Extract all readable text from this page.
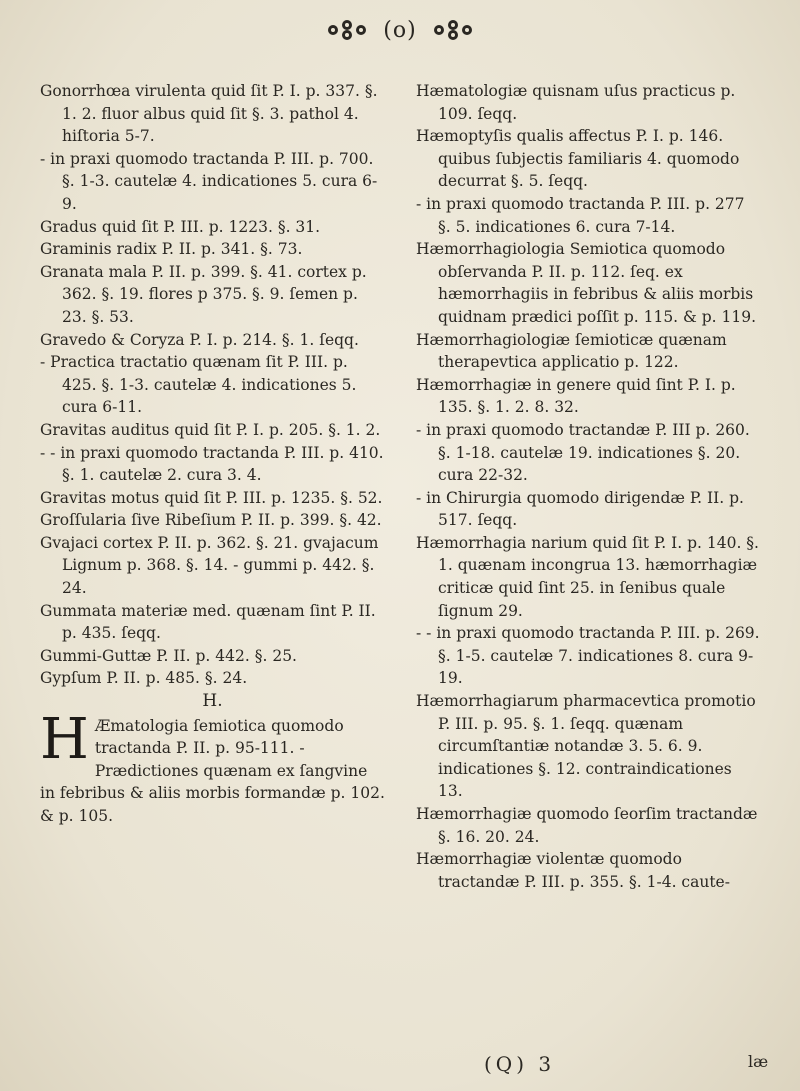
(o)

Gonorrhœa virulenta quid ſit P. I. p. 337. §. 1. 2. fluor albus quid ſit §. 3. pathol 4. hiſtoria 5-7.

- in praxi quomodo tractanda P. III. p. 700. §. 1-3. cautelæ 4. indicationes 5. cura 6-9.

Gradus quid ſit P. III. p. 1223. §. 31.

Graminis radix P. II. p. 341. §. 73.

Granata mala P. II. p. 399. §. 41. cortex p. 362. §. 19. flores p 375. §. 9. ſemen p. 23. §. 53.

Gravedo & Coryza P. I. p. 214. §. 1. ſeqq.

- Practica tractatio quænam ſit P. III. p. 425. §. 1-3. cautelæ 4. indicationes 5. cura 6-11.

Gravitas auditus quid ſit P. I. p. 205. §. 1. 2.

- - in praxi quomodo tractanda P. III. p. 410. §. 1. cautelæ 2. cura 3. 4.

Gravitas motus quid ſit P. III. p. 1235. §. 52.

Groſſularia ſive Ribeſium P. II. p. 399. §. 42.

Gvajaci cortex P. II. p. 362. §. 21. gvajacum Lignum p. 368. §. 14. - gummi p. 442. §. 24.

Gummata materiæ med. quænam ſint P. II. p. 435. ſeqq.

Gummi-Guttæ P. II. p. 442. §. 25.

Gypſum P. II. p. 485. §. 24.

H.

H Æmatologia ſemiotica quomodo tractanda P. II. p. 95-111. - Prædictiones quænam ex ſangvine in febribus & aliis morbis formandæ p. 102. & p. 105.

Hæmatologiæ quisnam uſus practicus p. 109. ſeqq.

Hæmoptyſis qualis affectus P. I. p. 146. quibus ſubjectis familiaris 4. quomodo decurrat §. 5. ſeqq.

- in praxi quomodo tractanda P. III. p. 277 §. 5. indicationes 6. cura 7-14.

Hæmorrhagiologia Semiotica quomodo obſervanda P. II. p. 112. ſeq. ex hæmorrhagiis in febribus & aliis morbis quidnam prædici poſſit p. 115. & p. 119.

Hæmorrhagiologiæ ſemioticæ quænam therapevtica applicatio p. 122.

Hæmorrhagiæ in genere quid ſint P. I. p. 135. §. 1. 2. 8. 32.

- in praxi quomodo tractandæ P. III p. 260. §. 1-18. cautelæ 19. indicationes §. 20. cura 22-32.

- in Chirurgia quomodo dirigendæ P. II. p. 517. ſeqq.

Hæmorrhagia narium quid ſit P. I. p. 140. §. 1. quænam incongrua 13. hæmorrhagiæ criticæ quid ſint 25. in ſenibus quale ſignum 29.

- - in praxi quomodo tractanda P. III. p. 269. §. 1-5. cautelæ 7. indicationes 8. cura 9-19.

Hæmorrhagiarum pharmacevtica promotio P. III. p. 95. §. 1. ſeqq. quænam circumſtantiæ notandæ 3. 5. 6. 9. indicationes §. 12. contraindicationes 13.

Hæmorrhagiæ quomodo ſeorſim tractandæ §. 16. 20. 24.

Hæmorrhagiæ violentæ quomodo tractandæ P. III. p. 355. §. 1-4. caute-

(Q) 3	læ
